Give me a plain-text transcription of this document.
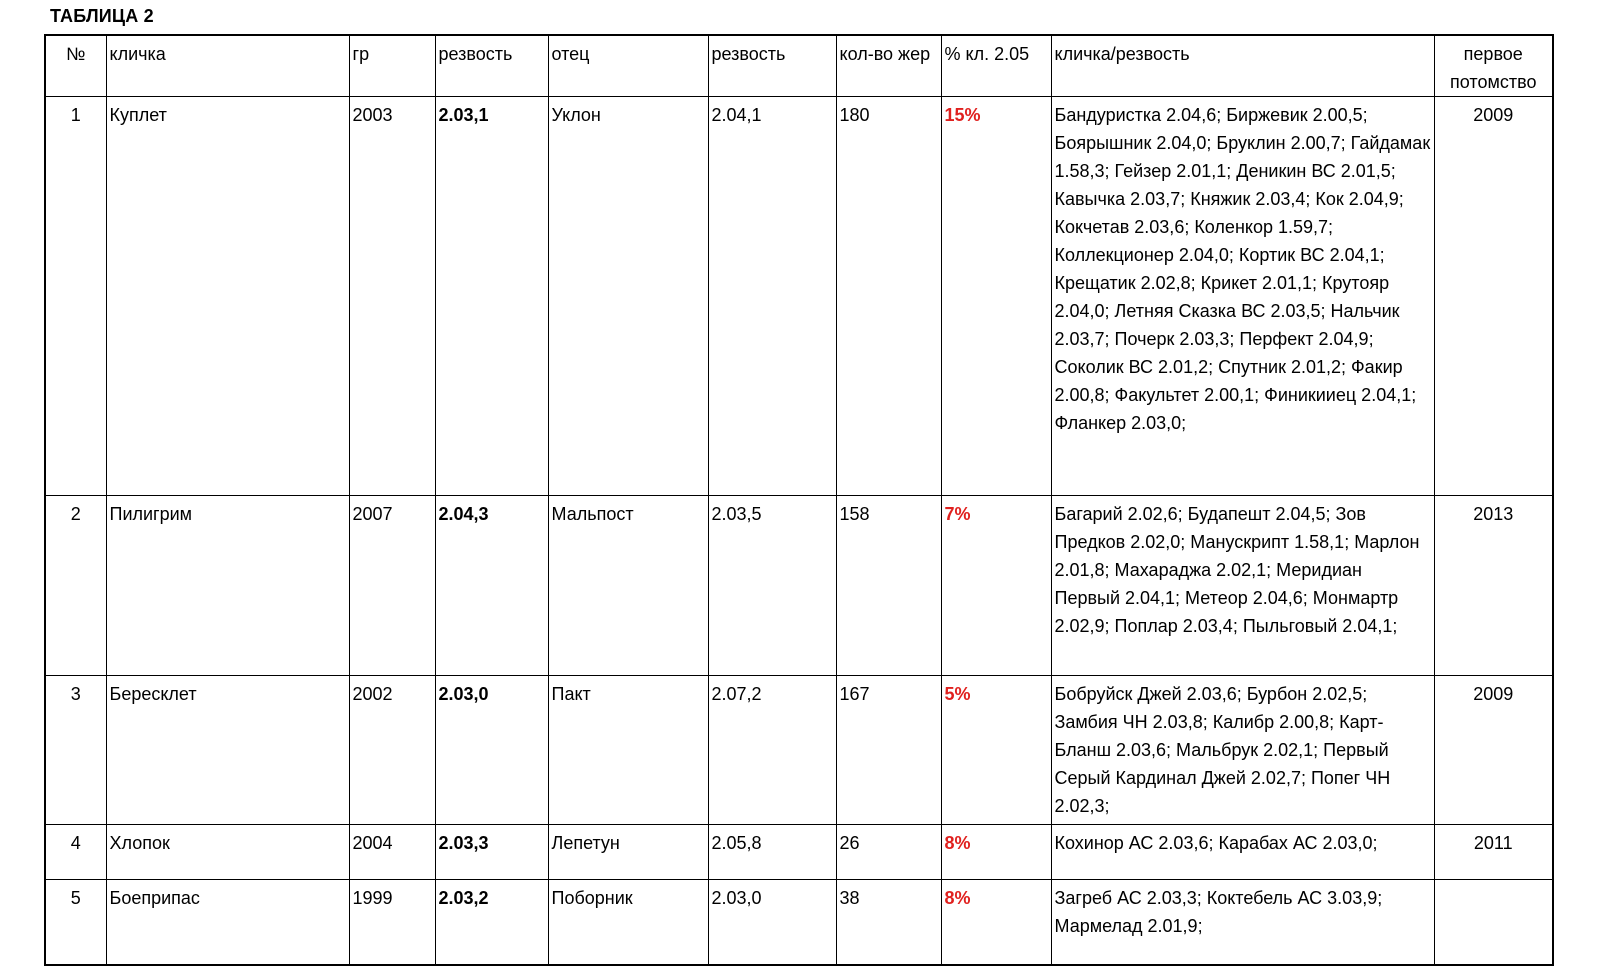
ТАБЛИЦА 2
№	кличка	гр	резвость	отец	резвость	кол-во жер	% кл. 2.05	кличка/резвость	первое потомство
1	Куплет	2003	2.03,1	Уклон	2.04,1	180	15%	Бандуристка 2.04,6; Биржевик 2.00,5; Боярышник 2.04,0; Бруклин 2.00,7; Гайдамак 1.58,3; Гейзер 2.01,1; Деникин ВС 2.01,5; Кавычка 2.03,7; Княжик 2.03,4; Кок 2.04,9; Кокчетав 2.03,6; Коленкор 1.59,7; Коллекционер 2.04,0; Кортик ВС 2.04,1; Крещатик 2.02,8; Крикет 2.01,1; Крутояр 2.04,0; Летняя Сказка ВС 2.03,5; Нальчик 2.03,7; Почерк 2.03,3; Перфект 2.04,9; Соколик ВС 2.01,2; Спутник 2.01,2; Факир 2.00,8; Факультет 2.00,1; Финикииец 2.04,1; Фланкер 2.03,0;	2009
2	Пилигрим	2007	2.04,3	Мальпост	2.03,5	158	7%	Багарий 2.02,6; Будапешт 2.04,5; Зов Предков 2.02,0; Манускрипт 1.58,1; Марлон 2.01,8; Махараджа 2.02,1; Меридиан Первый 2.04,1; Метеор 2.04,6; Монмартр 2.02,9; Поплар 2.03,4; Пыльговый 2.04,1;	2013
3	Бересклет	2002	2.03,0	Пакт	2.07,2	167	5%	Бобруйск Джей 2.03,6; Бурбон 2.02,5; Замбия ЧН 2.03,8; Калибр 2.00,8; Карт-Бланш 2.03,6; Мальбрук 2.02,1; Первый Серый Кардинал Джей 2.02,7; Попег ЧН 2.02,3;	2009
4	Хлопок	2004	2.03,3	Лепетун	2.05,8	26	8%	Кохинор АС 2.03,6; Карабах АС 2.03,0;	2011
5	Боеприпас	1999	2.03,2	Поборник	2.03,0	38	8%	Загреб АС 2.03,3; Коктебель АС 3.03,9; Мармелад 2.01,9;	
